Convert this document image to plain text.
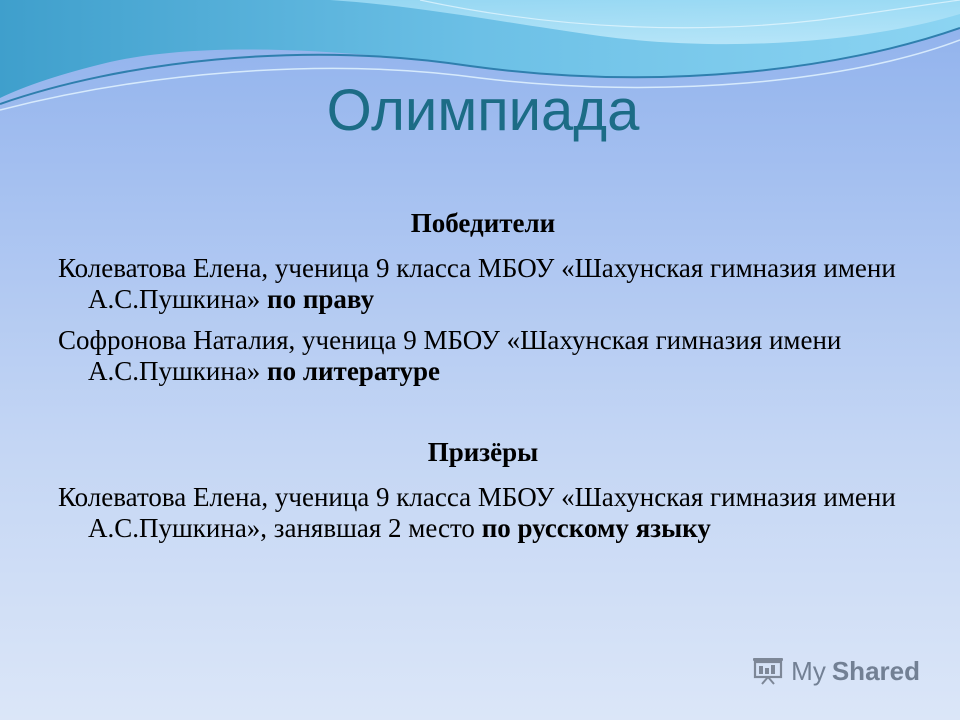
Олимпиада
Победители

Колеватова Елена, ученица 9 класса МБОУ «Шахунская гимназия имени А.С.Пушкина» по праву

Софронова Наталия, ученица 9 МБОУ «Шахунская гимназия имени А.С.Пушкина» по литературе

Призёры

Колеватова Елена, ученица 9 класса МБОУ «Шахунская гимназия имени А.С.Пушкина», занявшая 2 место по русскому языку

My Shared
